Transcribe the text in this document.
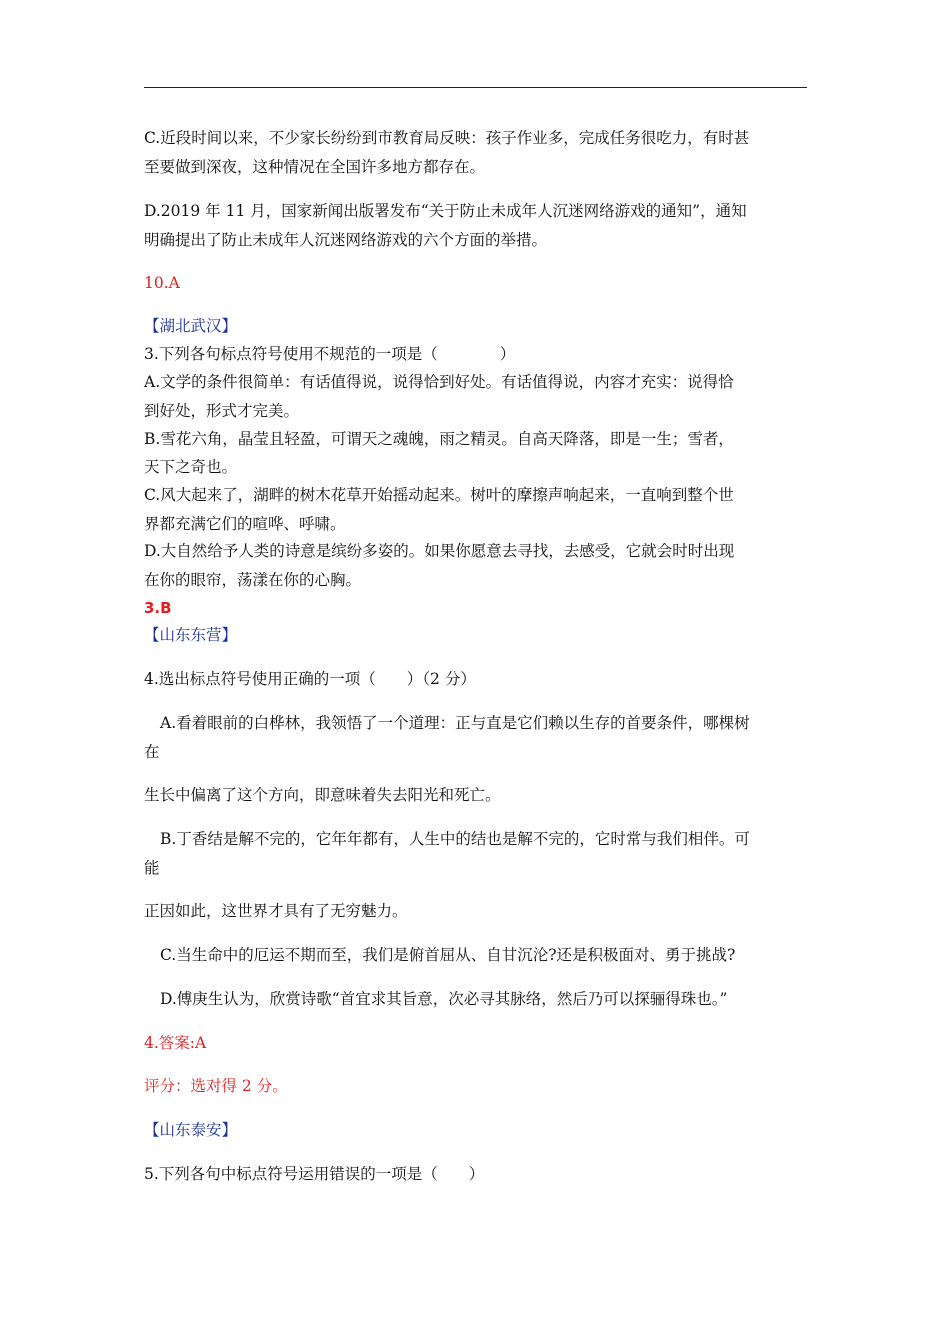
C.近段时间以来，不少家长纷纷到市教育局反映：孩子作业多，完成任务很吃力，有时甚
至要做到深夜，这种情况在全国许多地方都存在。
D.2019 年 11 月，国家新闻出版署发布“关于防止未成年人沉迷网络游戏的通知”，通知
明确提出了防止未成年人沉迷网络游戏的六个方面的举措。
10.A
【湖北武汉】
3.下列各句标点符号使用不规范的一项是（　　　　）
A.文学的条件很简单：有话值得说，说得恰到好处。有话值得说，内容才充实：说得恰
到好处，形式才完美。
B.雪花六角，晶莹且轻盈，可谓天之魂魄，雨之精灵。自高天降落，即是一生；雪者，
天下之奇也。
C.风大起来了，湖畔的树木花草开始摇动起来。树叶的摩擦声响起来，一直响到整个世
界都充满它们的喧哗、呼啸。
D.大自然给予人类的诗意是缤纷多姿的。如果你愿意去寻找，去感受，它就会时时出现
在你的眼帘，荡漾在你的心胸。
3.B
【山东东营】
4.选出标点符号使用正确的一项（　　）（2 分）
A.看着眼前的白桦林，我领悟了一个道理：正与直是它们赖以生存的首要条件，哪棵树
在
生长中偏离了这个方向，即意味着失去阳光和死亡。
B.丁香结是解不完的，它年年都有，人生中的结也是解不完的，它时常与我们相伴。可
能
正因如此，这世界才具有了无穷魅力。
C.当生命中的厄运不期而至，我们是俯首屈从、自甘沉沦?还是积极面对、勇于挑战?
D.傅庚生认为，欣赏诗歌“首宜求其旨意，次必寻其脉络，然后乃可以探骊得珠也。”
4.答案:A
评分：选对得 2 分。
【山东泰安】
5.下列各句中标点符号运用错误的一项是（　　）
